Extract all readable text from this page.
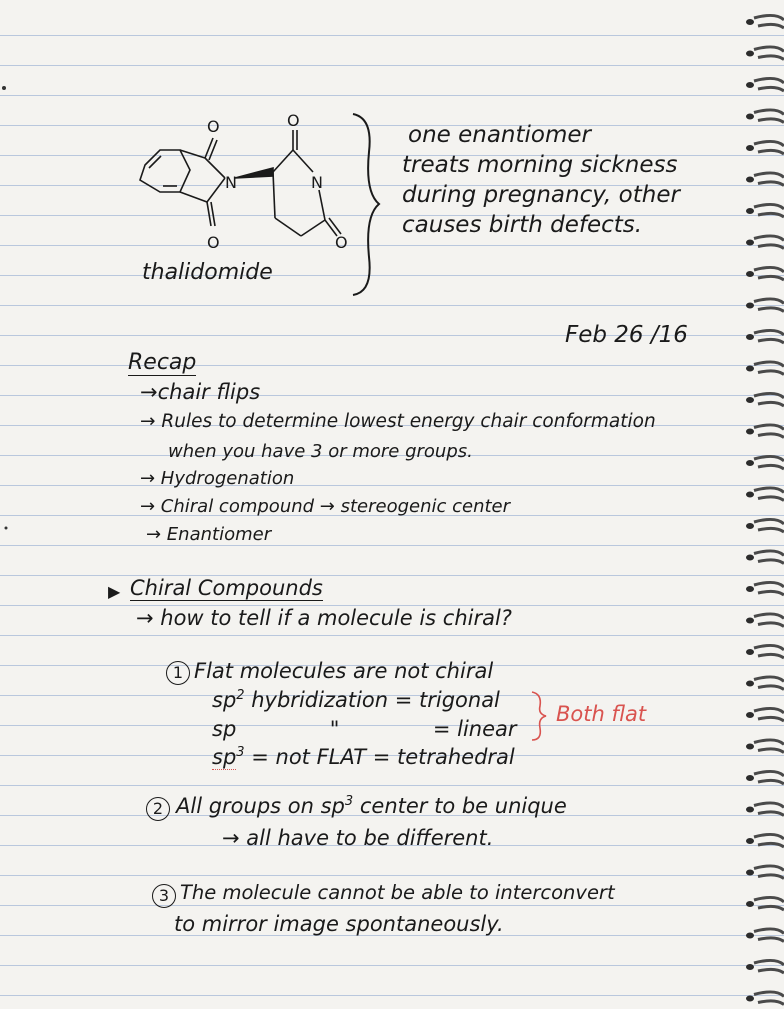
O	O
N	N
O	O
thalidomide
one enantiomer
treats morning sickness
during pregnancy, other
causes birth defects.
Feb 26 /16
Recap
→chair flips
→ Rules to determine lowest energy chair conformation
when you have 3 or more groups.
→ Hydrogenation
→ Chiral compound → stereogenic center
→ Enantiomer
▶ Chiral Compounds
→ how to tell if a molecule is chiral?
1 Flat molecules are not chiral
$sp^2$ hybridization = trigonal
sp              "              = linear
$sp^3$ = not FLAT = tetrahedral
Both flat
2 All groups on $sp^3$ center to be unique
→ all have to be different.
3 The molecule cannot be able to interconvert
to mirror image spontaneously.
